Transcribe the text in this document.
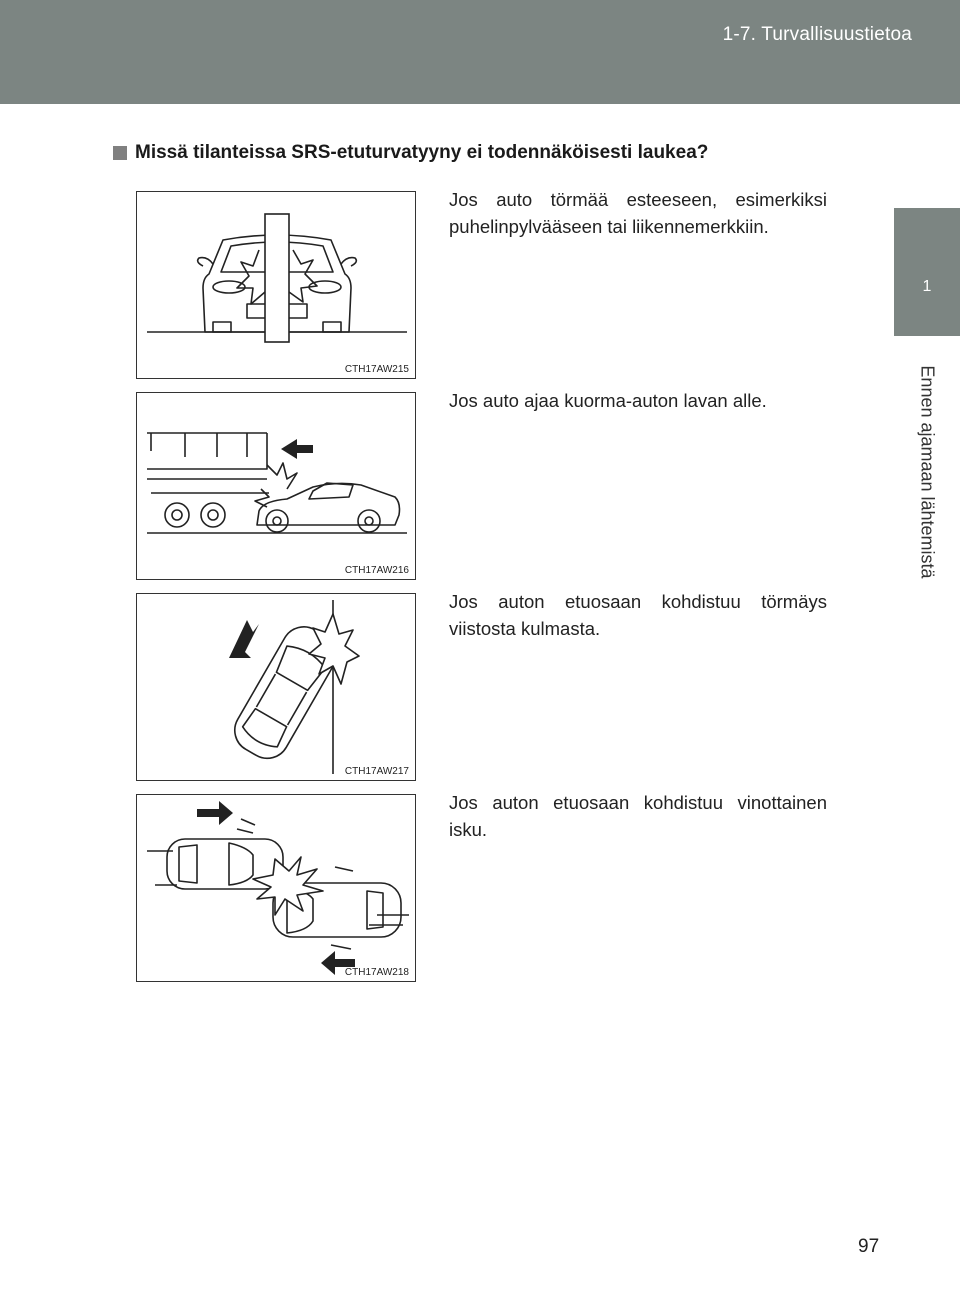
1-7. Turvallisuustietoa
1
Ennen ajamaan lähtemistä
Missä tilanteissa SRS-etuturvatyyny ei todennäköisesti laukea?
CTH17AW215
Jos auto törmää esteeseen, esimerkiksi puhelinpylvääseen tai liikennemerkkiin.
CTH17AW216
Jos auto ajaa kuorma-auton lavan alle.
CTH17AW217
Jos auton etuosaan kohdistuu törmäys viistosta kulmasta.
CTH17AW218
Jos auton etuosaan kohdistuu vinottainen isku.
97
